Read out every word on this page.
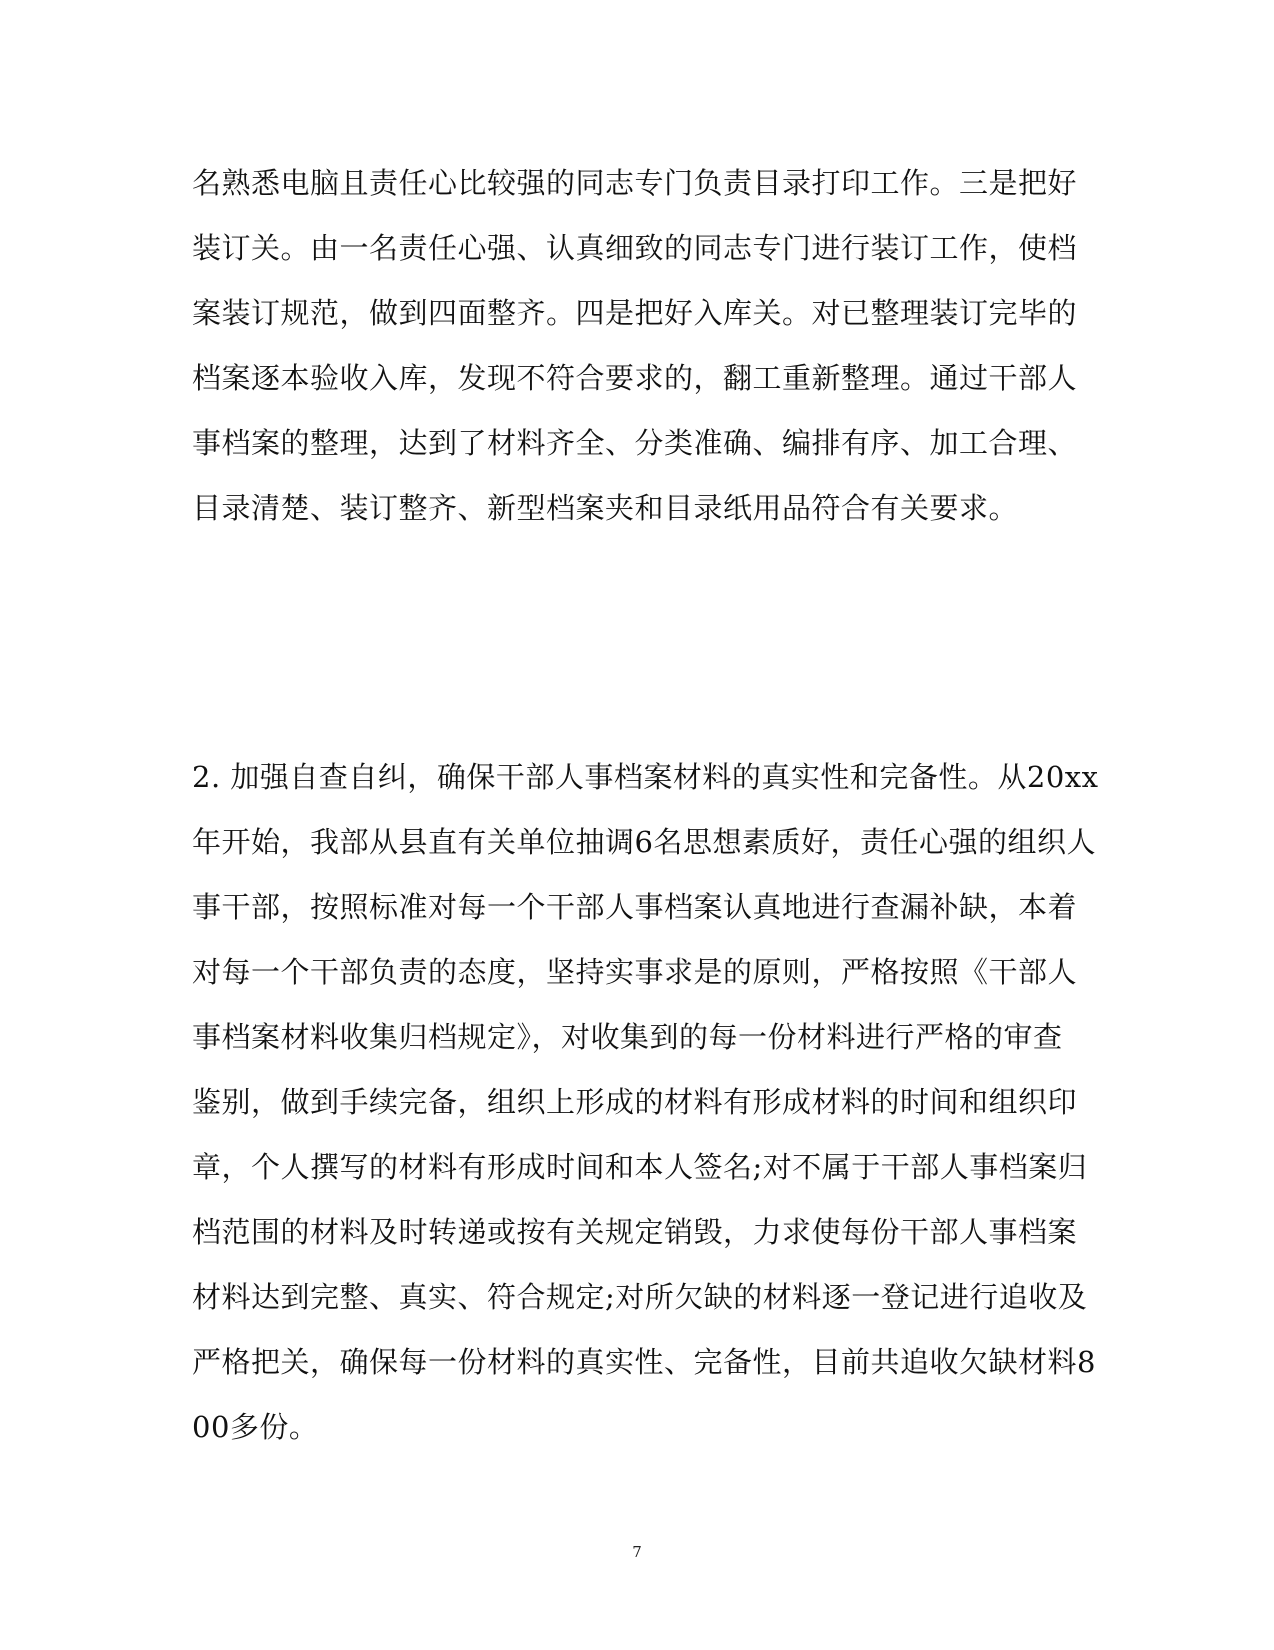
名熟悉电脑且责任心比较强的同志专门负责目录打印工作。三是把好
装订关。由一名责任心强、认真细致的同志专门进行装订工作，使档
案装订规范，做到四面整齐。四是把好入库关。对已整理装订完毕的
档案逐本验收入库，发现不符合要求的，翻工重新整理。通过干部人
事档案的整理，达到了材料齐全、分类准确、编排有序、加工合理、
目录清楚、装订整齐、新型档案夹和目录纸用品符合有关要求。
2. 加强自查自纠，确保干部人事档案材料的真实性和完备性。从20xx
年开始，我部从县直有关单位抽调6名思想素质好，责任心强的组织人
事干部，按照标准对每一个干部人事档案认真地进行查漏补缺，本着
对每一个干部负责的态度，坚持实事求是的原则，严格按照《干部人
事档案材料收集归档规定》，对收集到的每一份材料进行严格的审查
鉴别，做到手续完备，组织上形成的材料有形成材料的时间和组织印
章，个人撰写的材料有形成时间和本人签名;对不属于干部人事档案归
档范围的材料及时转递或按有关规定销毁，力求使每份干部人事档案
材料达到完整、真实、符合规定;对所欠缺的材料逐一登记进行追收及
严格把关，确保每一份材料的真实性、完备性，目前共追收欠缺材料8
00多份。
7
